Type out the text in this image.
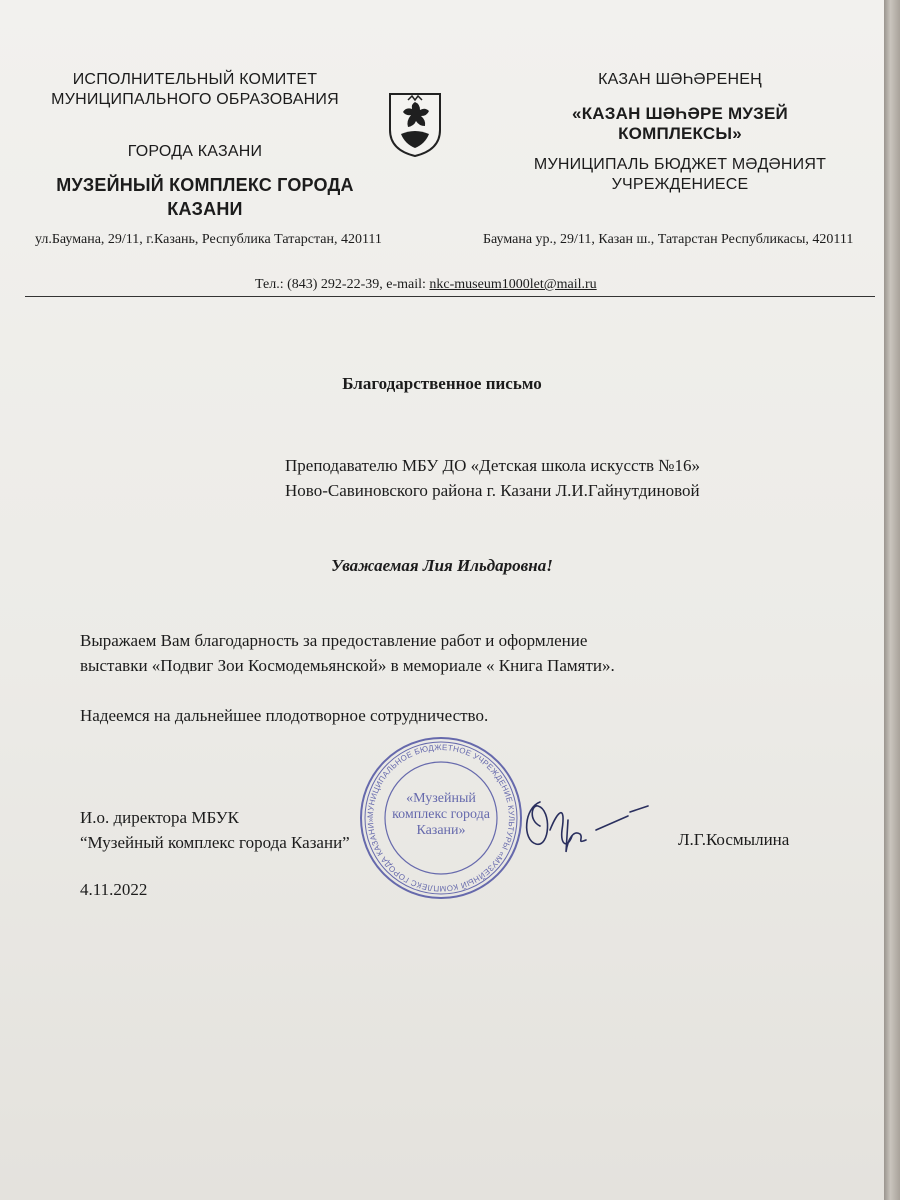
ИСПОЛНИТЕЛЬНЫЙ КОМИТЕТ МУНИЦИПАЛЬНОГО ОБРАЗОВАНИЯ
ГОРОДА КАЗАНИ
МУЗЕЙНЫЙ КОМПЛЕКС ГОРОДА КАЗАНИ
КАЗАН ШӘҺӘРЕНЕҢ
«КАЗАН ШӘҺӘРЕ МУЗЕЙ КОМПЛЕКСЫ»
МУНИЦИПАЛЬ БЮДЖЕТ МӘДӘНИЯТ УЧРЕЖДЕНИЕСЕ
ул.Баумана, 29/11, г.Казань, Республика Татарстан, 420111	Баумана ур., 29/11, Казан ш., Татарстан Республикасы, 420111
Тел.: (843) 292-22-39, e-mail: nkc-museum1000let@mail.ru
Благодарственное письмо
Преподавателю МБУ ДО «Детская школа искусств №16»
Ново-Савиновского района г. Казани Л.И.Гайнутдиновой
Уважаемая Лия Ильдаровна!
Выражаем Вам благодарность за предоставление работ и оформление
выставки «Подвиг Зои Космодемьянской» в мемориале « Книга Памяти».
Надеемся на дальнейшее плодотворное сотрудничество.
МУНИЦИПАЛЬНОЕ БЮДЖЕТНОЕ УЧРЕЖДЕНИЕ КУЛЬТУРЫ «МУЗЕЙНЫЙ КОМПЛЕКС ГОРОДА КАЗАНИ»
«Музейный комплекс города Казани»
И.о. директора МБУК
“Музейный комплекс города Казани”	Л.Г.Космылина
4.11.2022
